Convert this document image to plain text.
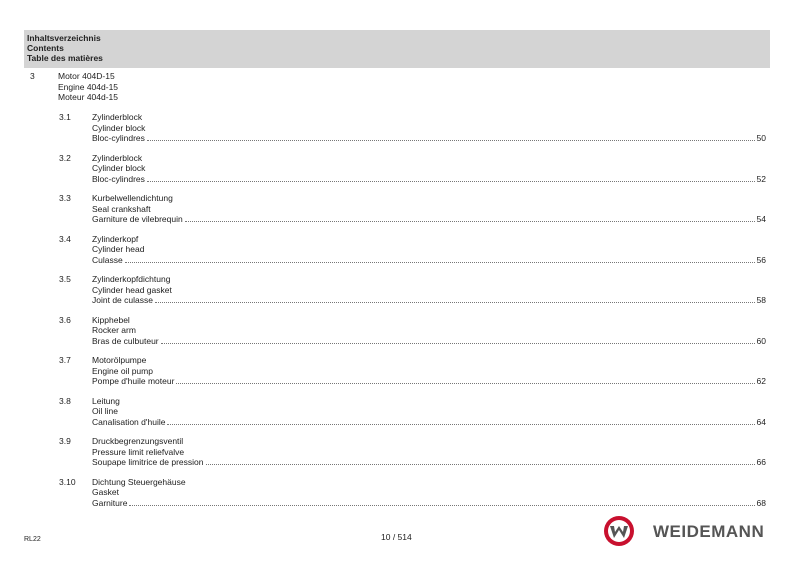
Inhaltsverzeichnis
Contents
Table des matières
3	Motor 404D-15
Engine 404d-15
Moteur 404d-15
3.1 Zylinderblock
Cylinder block
Bloc-cylindres	50
3.2 Zylinderblock
Cylinder block
Bloc-cylindres	52
3.3 Kurbelwellendichtung
Seal crankshaft
Garniture de vilebrequin	54
3.4 Zylinderkopf
Cylinder head
Culasse	56
3.5 Zylinderkopfdichtung
Cylinder head gasket
Joint de culasse	58
3.6 Kipphebel
Rocker arm
Bras de culbuteur	60
3.7 Motorölpumpe
Engine oil pump
Pompe d'huile moteur	62
3.8 Leitung
Oil line
Canalisation d'huile	64
3.9 Druckbegrenzungsventil
Pressure limit reliefvalve
Soupape limitrice de pression	66
3.10 Dichtung Steuergehäuse
Gasket
Garniture	68
RL22	10 / 514	WEIDEMANN
